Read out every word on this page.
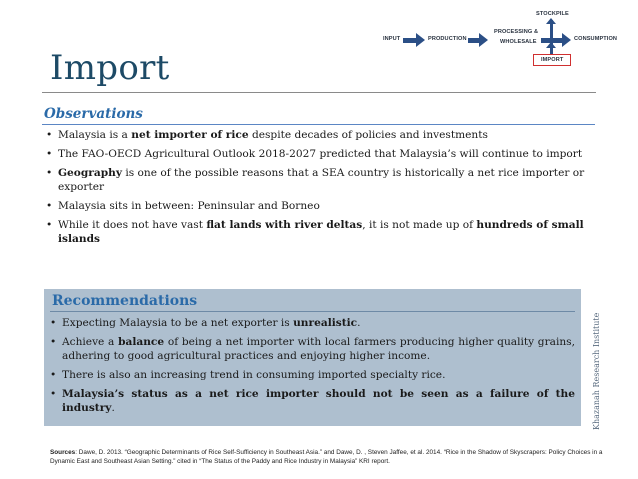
INPUT	PRODUCTION
PROCESSING &
WHOLESALE	CONSUMPTION
STOCKPILE
IMPORT
Import
Observations
• Malaysia is a net importer of rice despite decades of policies and investments
• The FAO-OECD Agricultural Outlook 2018-2027 predicted that Malaysia’s will continue to import
• Geography is one of the possible reasons that a SEA country is historically a net rice importer or exporter
• Malaysia sits in between: Peninsular and Borneo
• While it does not have vast flat lands with river deltas, it is not made up of hundreds of small islands
Recommendations
• Expecting Malaysia to be a net exporter is unrealistic.
• Achieve a balance of being a net importer with local farmers producing higher quality grains, adhering to good agricultural practices and enjoying higher income.
• There is also an increasing trend in consuming imported specialty rice.
• Malaysia’s status as a net rice importer should not be seen as a failure of the industry.	Khazanah Research Institute
Sources: Dawe, D. 2013. “Geographic Determinants of Rice Self-Sufficiency in Southeast Asia.” and Dawe, D. , Steven Jaffee, et al. 2014. “Rice in the Shadow of Skyscrapers: Policy Choices in a Dynamic East and Southeast Asian Setting.” cited in “The Status of the Paddy and Rice Industry in Malaysia” KRI report.
